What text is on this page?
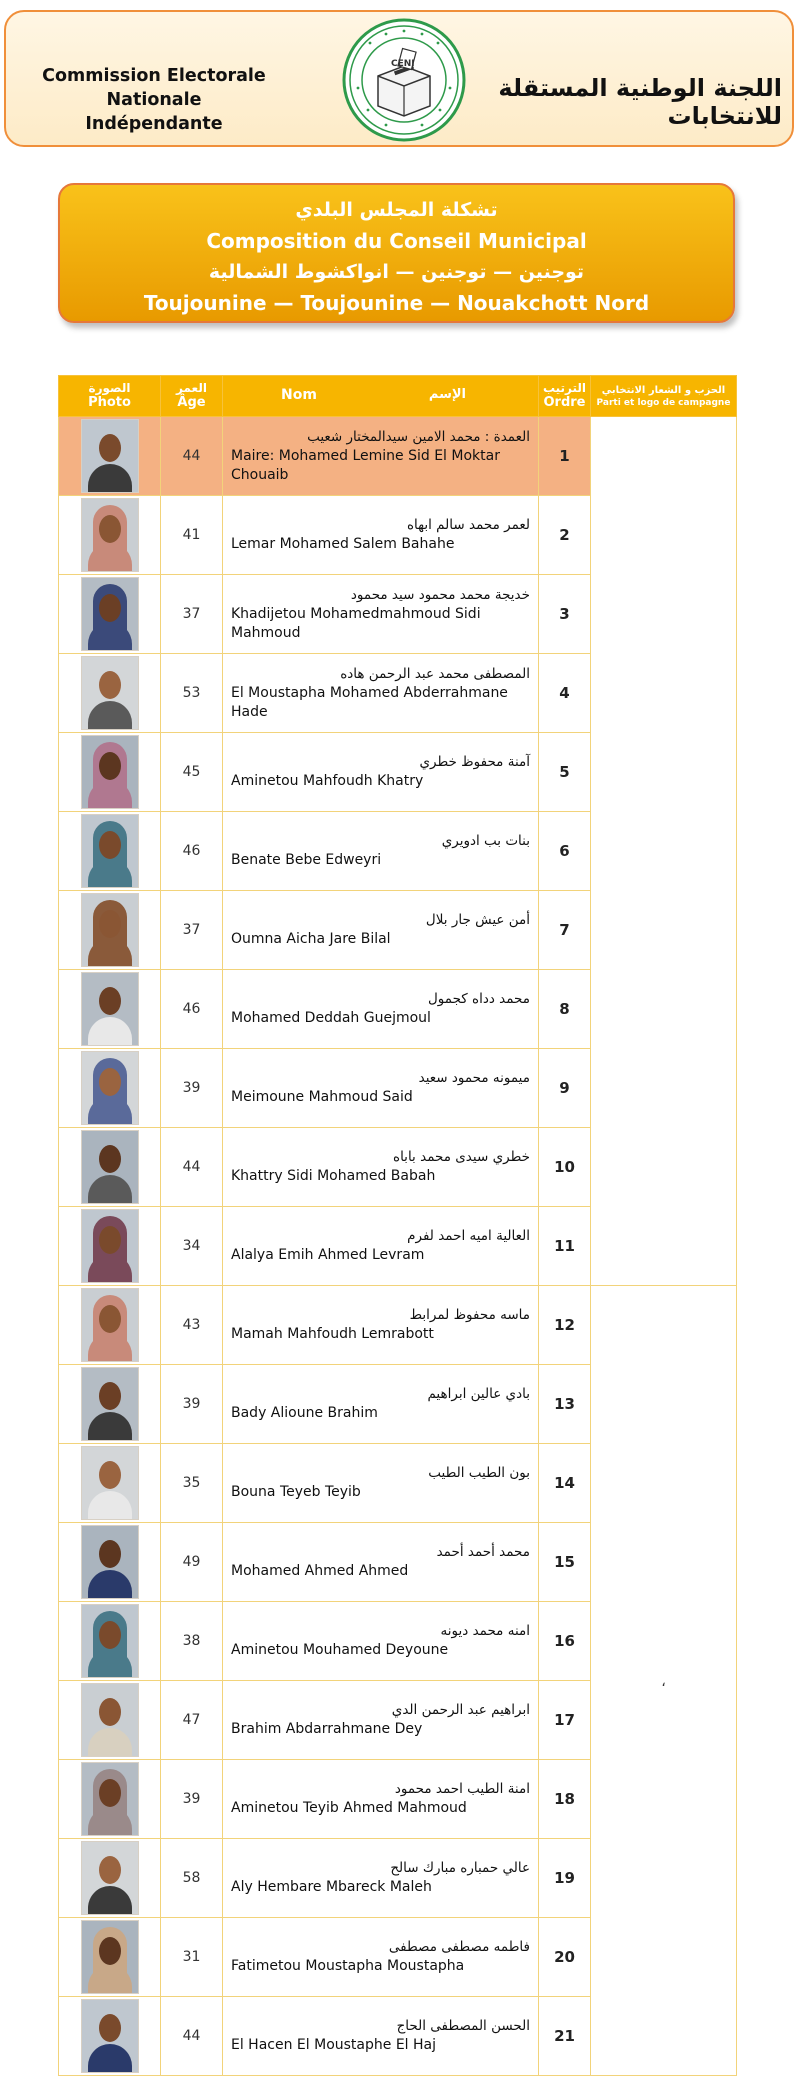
Commission Electorale Nationale
Indépendante
CENI
اللجنة الوطنية المستقلة للانتخابات
تشكلة المجلس البلدي
Composition du Conseil Municipal
توجنين — توجنين — انواكشوط الشمالية
Toujounine — Toujounine — Nouakchott Nord
الصورة
Photo	العمر
Âge	Nom الإسم	الترتيب
Ordre	الحزب و الشعار الانتخابي
Parti et logo de campagne

	44	العمدة : محمد الامين سيدالمختار شعيب
Maire: Mohamed Lemine Sid El Moktar Chouaib	1	

	41	لعمر محمد سالم ابهاه
Lemar Mohamed Salem Bahahe	2	

	37	خديجة محمد محمود سيد محمود
Khadijetou Mohamedmahmoud Sidi Mahmoud	3	

	53	المصطفى محمد عبد الرحمن هاده
El Moustapha Mohamed Abderrahmane Hade	4	

	45	آمنة محفوظ خطري
Aminetou Mahfoudh Khatry	5	

	46	بنات بب ادويري
Benate Bebe Edweyri	6	

	37	أمن عيش جار بلال
Oumna Aicha Jare Bilal	7	

	46	محمد دداه كجمول
Mohamed Deddah Guejmoul	8	

	39	ميمونه محمود سعيد
Meimoune Mahmoud Said	9	

	44	خطري سيدى محمد باباه
Khattry Sidi Mohamed Babah	10	

	34	العالية اميه احمد لفرم
Alalya Emih Ahmed Levram	11	

	43	ماسه محفوظ لمرابط
Mamah Mahfoudh Lemrabott	12	،

	39	بادي عالين ابراهيم
Bady Alioune Brahim	13	

	35	بون الطيب الطيب
Bouna Teyeb Teyib	14	

	49	محمد أحمد أحمد
Mohamed Ahmed Ahmed	15	

	38	امنه محمد ديونه
Aminetou Mouhamed Deyoune	16	

	47	ابراهيم عبد الرحمن الدي
Brahim Abdarrahmane Dey	17	

	39	امنة الطيب احمد محمود
Aminetou Teyib Ahmed Mahmoud	18	

	58	عالي حمباره مبارك سالح
Aly Hembare Mbareck Maleh	19	

	31	فاطمه مصطفى مصطفى
Fatimetou Moustapha Moustapha	20	

	44	الحسن المصطفى الحاج
El Hacen El Moustaphe El Haj	21	
